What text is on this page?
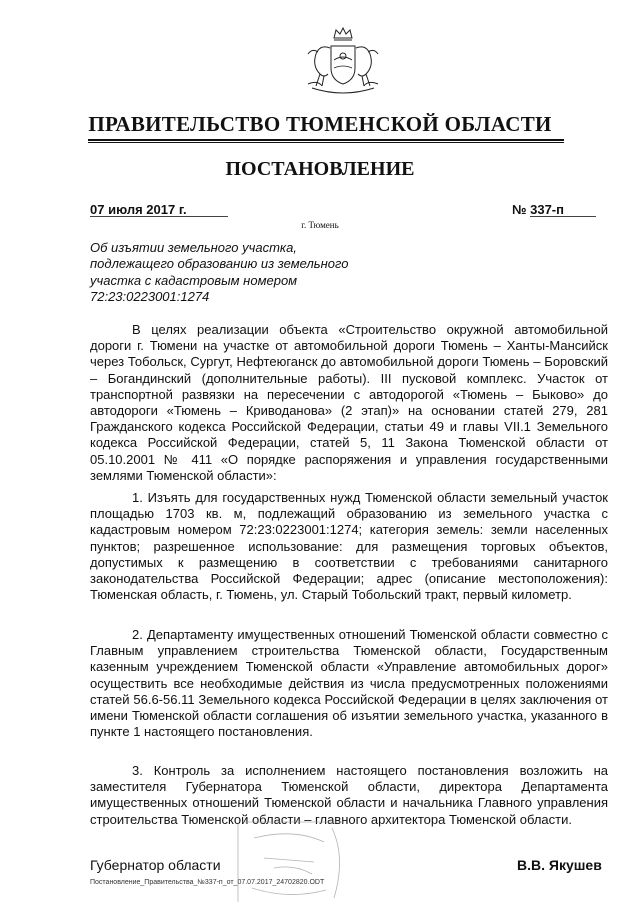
ПРАВИТЕЛЬСТВО ТЮМЕНСКОЙ ОБЛАСТИ
ПОСТАНОВЛЕНИЕ
07 июля 2017 г.	№ 337-п
г. Тюмень
Об изъятии земельного участка, подлежащего образованию из земельного участка с кадастровым номером 72:23:0223001:1274

В целях реализации объекта «Строительство окружной автомобильной дороги г. Тюмени на участке от автомобильной дороги Тюмень – Ханты-Мансийск через Тобольск, Сургут, Нефтеюганск до автомобильной дороги Тюмень – Боровский – Богандинский (дополнительные работы). III пусковой комплекс. Участок от транспортной развязки на пересечении с автодорогой «Тюмень – Быково» до автодороги «Тюмень – Криводанова» (2 этап)» на основании статей 279, 281 Гражданского кодекса Российской Федерации, статьи 49 и главы VII.1 Земельного кодекса Российской Федерации, статей 5, 11 Закона Тюменской области от 05.10.2001 № 411 «О порядке распоряжения и управления государственными землями Тюменской области»:

1. Изъять для государственных нужд Тюменской области земельный участок площадью 1703 кв. м, подлежащий образованию из земельного участка с кадастровым номером 72:23:0223001:1274; категория земель: земли населенных пунктов; разрешенное использование: для размещения торговых объектов, допустимых к размещению в соответствии с требованиями санитарного законодательства Российской Федерации; адрес (описание местоположения): Тюменская область, г. Тюмень, ул. Старый Тобольский тракт, первый километр.

2. Департаменту имущественных отношений Тюменской области совместно с Главным управлением строительства Тюменской области, Государственным казенным учреждением Тюменской области «Управление автомобильных дорог» осуществить все необходимые действия из числа предусмотренных положениями статей 56.6-56.11 Земельного кодекса Российской Федерации в целях заключения от имени Тюменской области соглашения об изъятии земельного участка, указанного в пункте 1 настоящего постановления.

3. Контроль за исполнением настоящего постановления возложить на заместителя Губернатора Тюменской области, директора Департамента имущественных отношений Тюменской области и начальника Главного управления строительства Тюменской области – главного архитектора Тюменской области.

Губернатор области	В.В. Якушев
Постановление_Правительства_№337-п_от_07.07.2017_24702820.ODT
